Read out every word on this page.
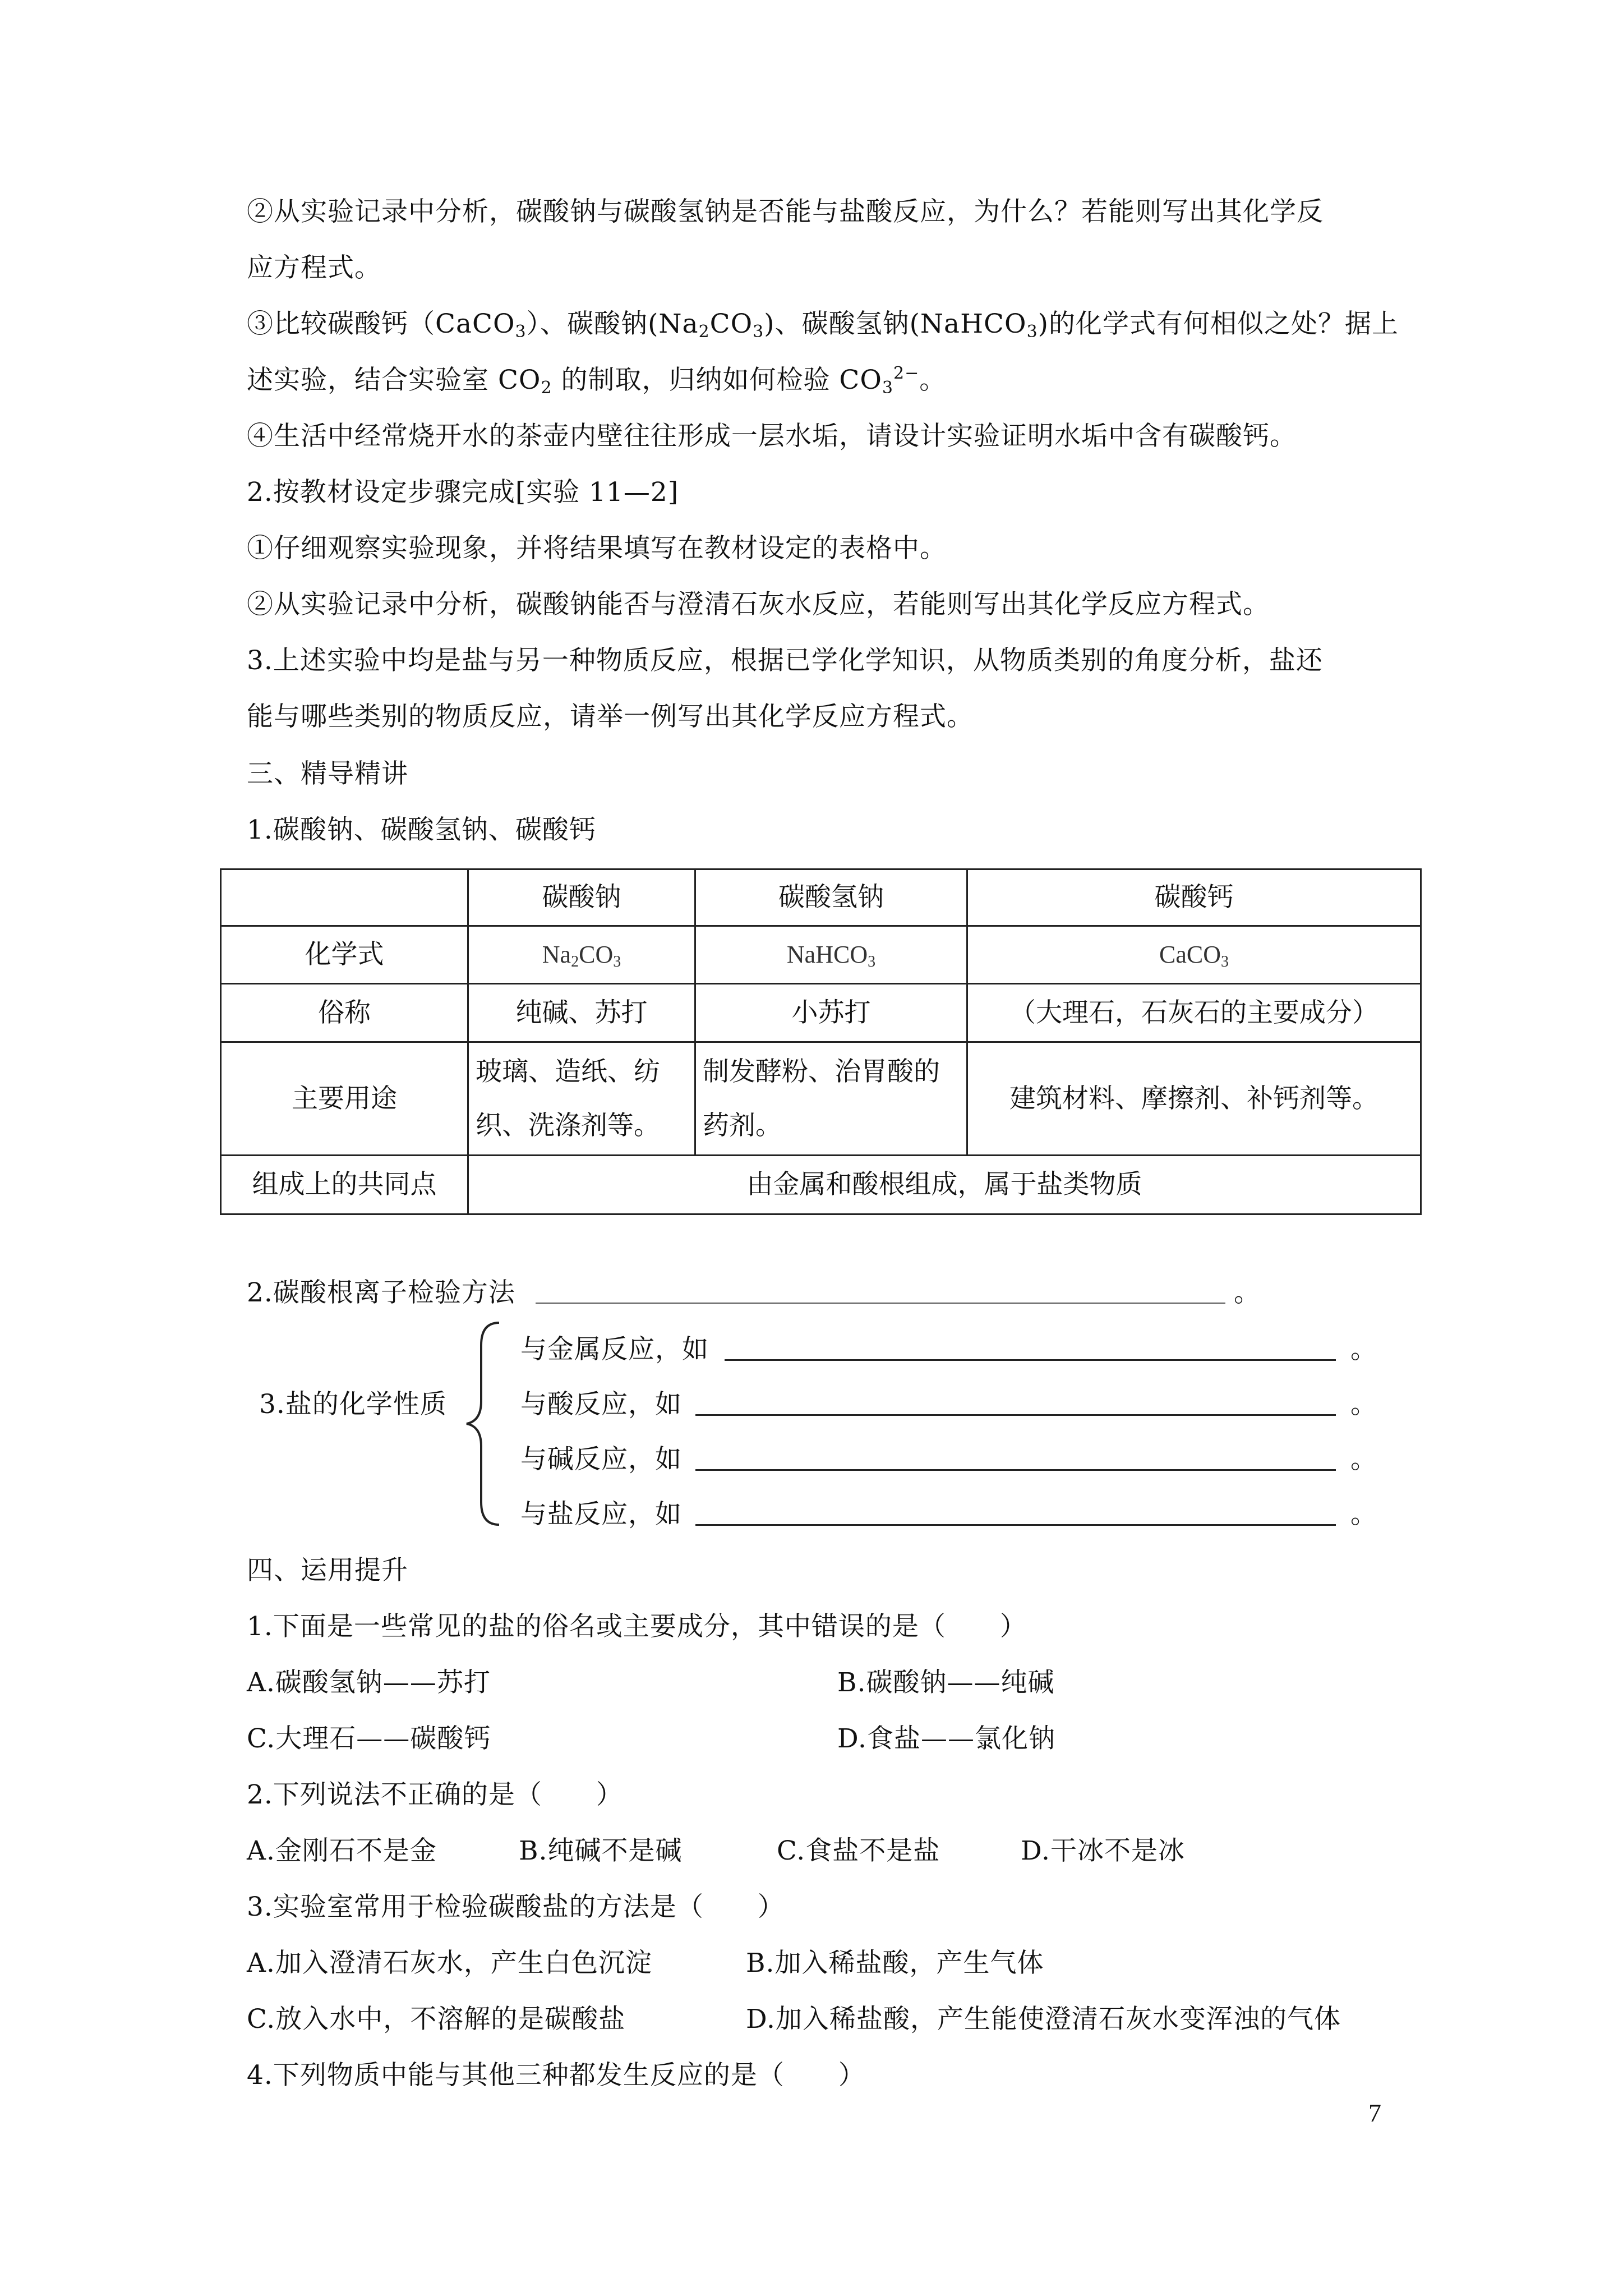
②从实验记录中分析，碳酸钠与碳酸氢钠是否能与盐酸反应，为什么？若能则写出其化学反
应方程式。
③比较碳酸钙（CaCO$_3$）、碳酸钠$(Na_2CO_3)$、碳酸氢钠(NaHCO$_3$)的化学式有何相似之处？据上
述实验，结合实验室 $CO_2$ 的制取，归纳如何检验 $CO_3^{2-}$。
④生活中经常烧开水的茶壶内壁往往形成一层水垢，请设计实验证明水垢中含有碳酸钙。
2.按教材设定步骤完成[实验 11—2]
①仔细观察实验现象，并将结果填写在教材设定的表格中。
②从实验记录中分析，碳酸钠能否与澄清石灰水反应，若能则写出其化学反应方程式。
3.上述实验中均是盐与另一种物质反应，根据已学化学知识，从物质类别的角度分析，盐还
能与哪些类别的物质反应，请举一例写出其化学反应方程式。
三、精导精讲
1.碳酸钠、碳酸氢钠、碳酸钙
	碳酸钠	碳酸氢钠	碳酸钙
化学式	$Na_2CO_3$	NaHCO$_3$	CaCO$_3$
俗称	纯碱、苏打	小苏打	（大理石，石灰石的主要成分）
主要用途	玻璃、造纸、纺织、洗涤剂等。	制发酵粉、治胃酸的药剂。	建筑材料、摩擦剂、补钙剂等。
组成上的共同点	由金属和酸根组成，属于盐类物质		
2.碳酸根离子检验方法	。
3.盐的化学性质
与金属反应，如	。
与酸反应，如	。
与碱反应，如	。
与盐反应，如	。
四、运用提升
1.下面是一些常见的盐的俗名或主要成分，其中错误的是（　　）
A.碳酸氢钠——苏打	B.碳酸钠——纯碱
C.大理石——碳酸钙	D.食盐——氯化钠
2.下列说法不正确的是（　　）
A.金刚石不是金	B.纯碱不是碱	C.食盐不是盐	D.干冰不是冰
3.实验室常用于检验碳酸盐的方法是（　　）
A.加入澄清石灰水，产生白色沉淀	B.加入稀盐酸，产生气体
C.放入水中，不溶解的是碳酸盐	D.加入稀盐酸，产生能使澄清石灰水变浑浊的气体
4.下列物质中能与其他三种都发生反应的是（　　）
7
